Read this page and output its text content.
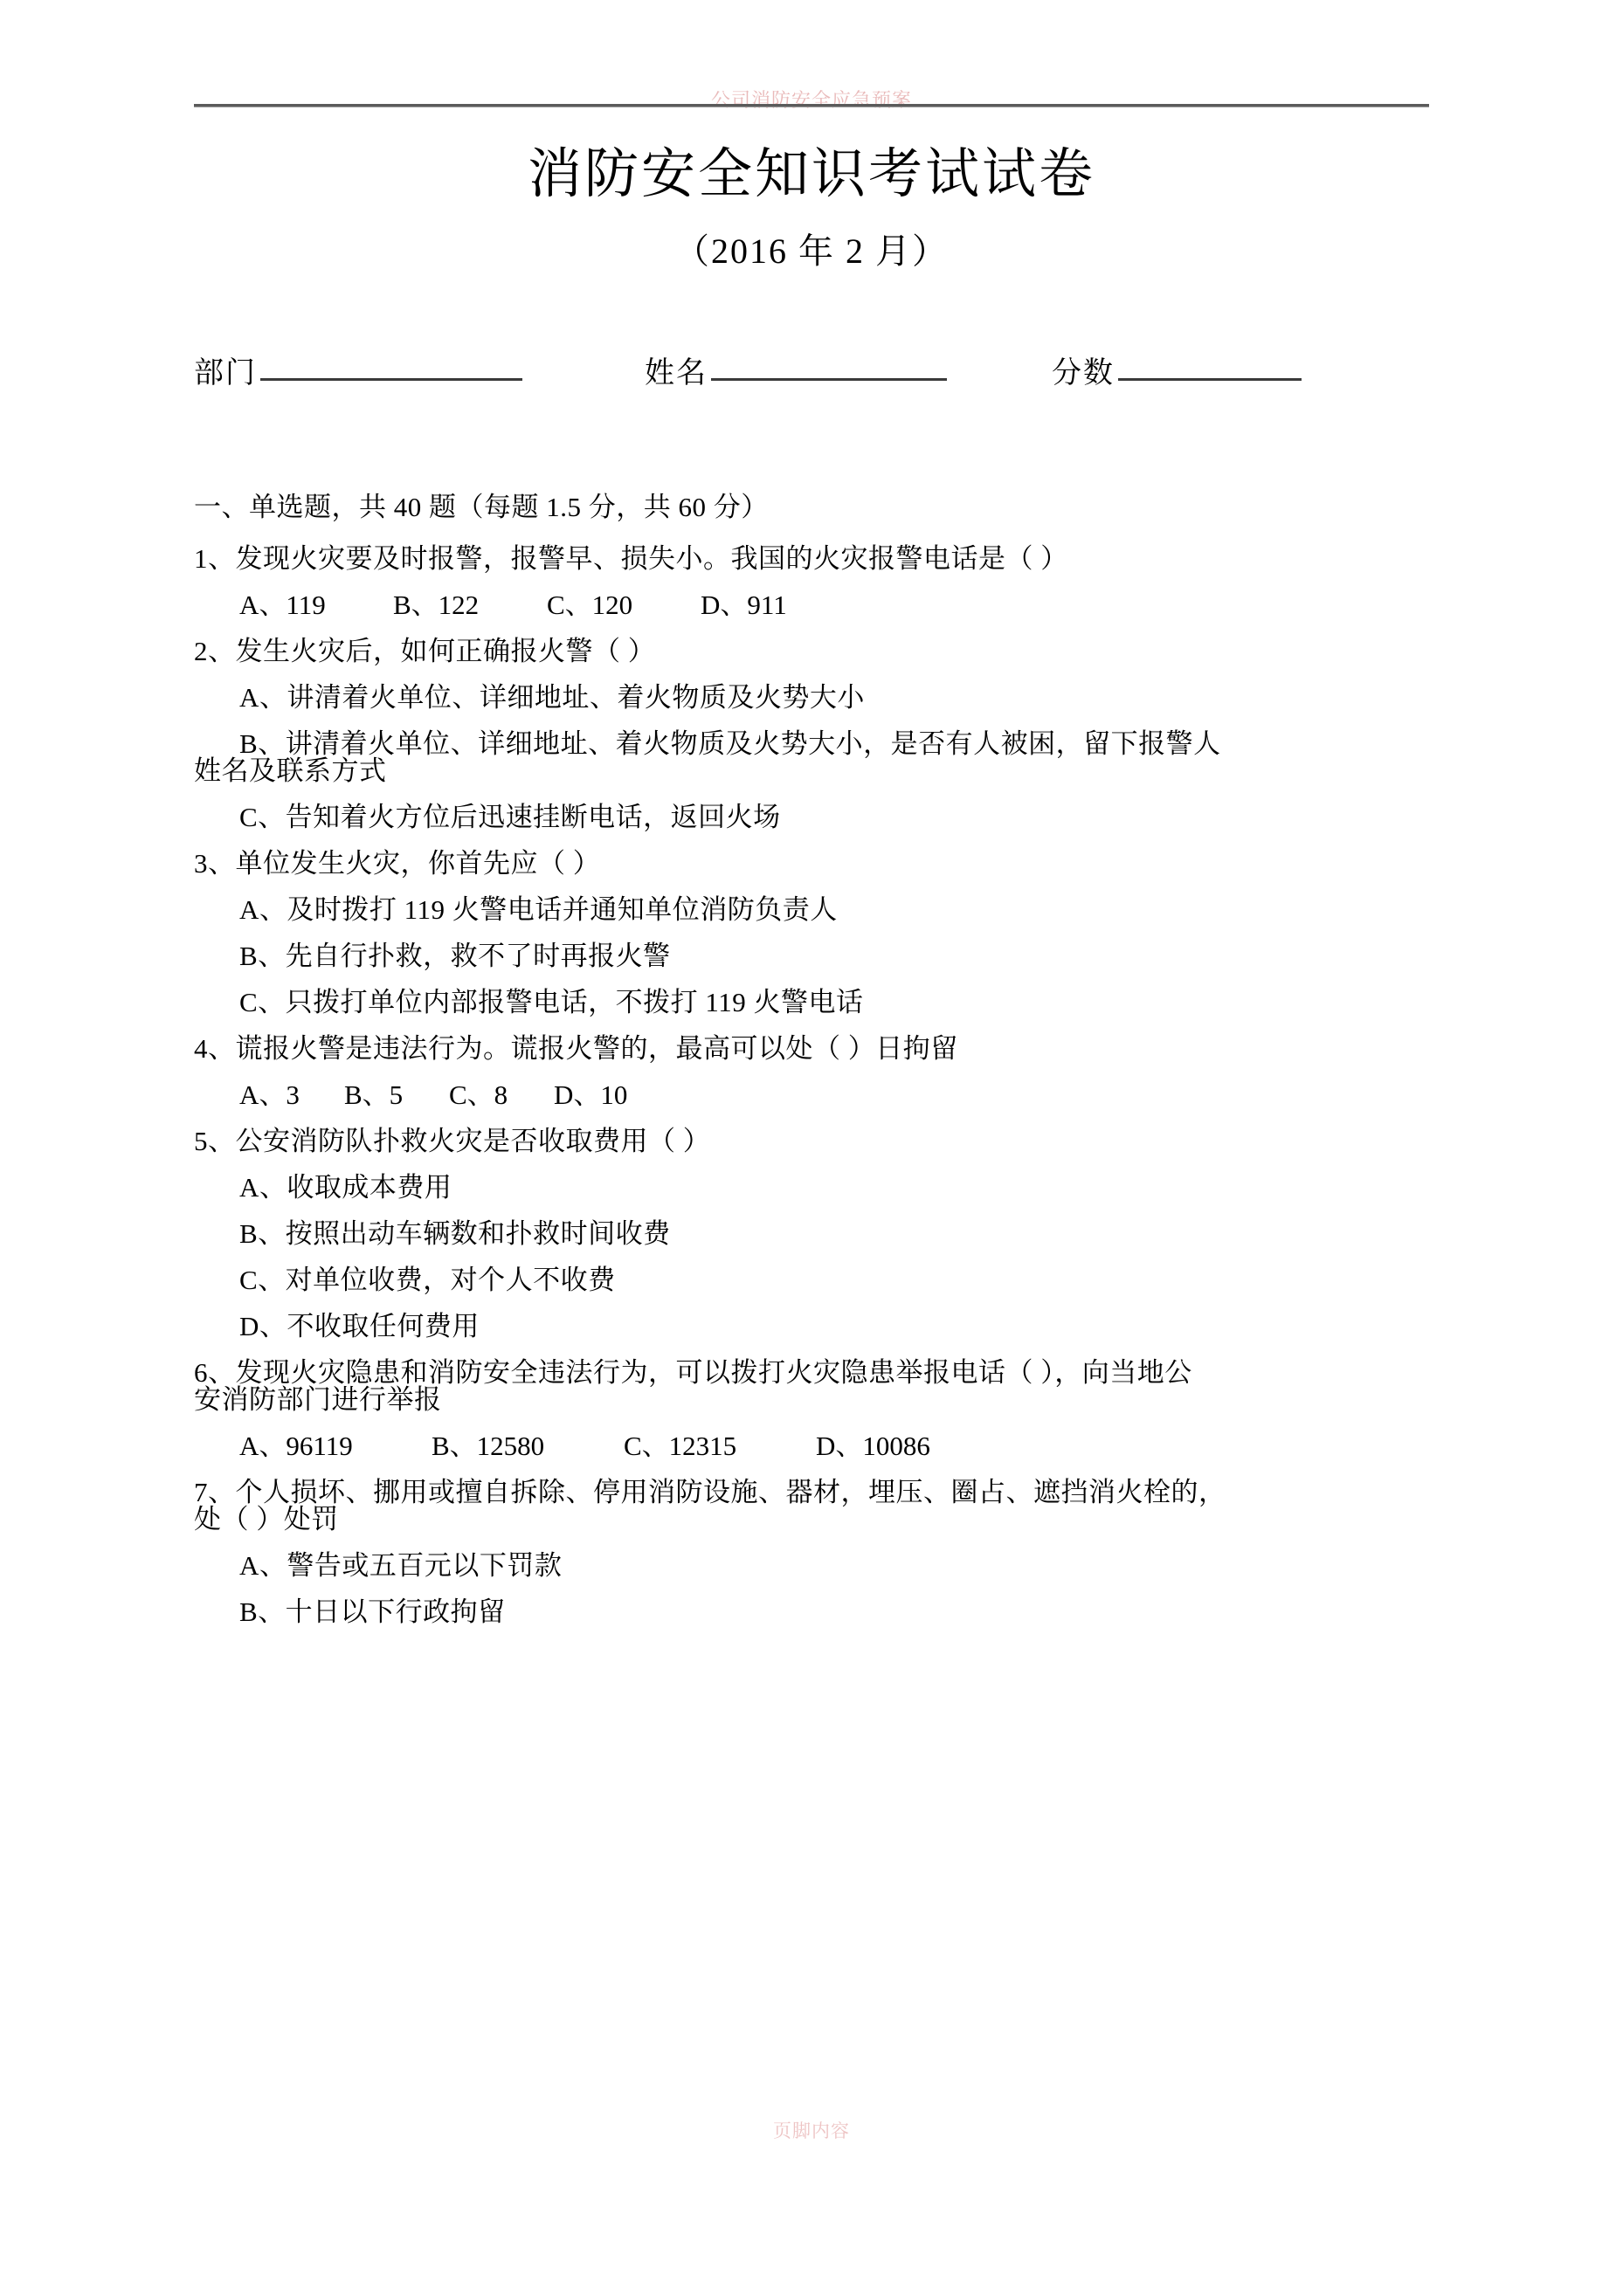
公司消防安全应急预案
消防安全知识考试试卷
（2016 年 2 月）
部门	姓名	分数
一、单选题，共 40 题（每题 1.5 分，共 60 分）
1、发现火灾要及时报警，报警早、损失小。我国的火灾报警电话是（ ）
A、119	B、122	C、120	D、911
2、发生火灾后，如何正确报火警（ ）
A、讲清着火单位、详细地址、着火物质及火势大小
B、讲清着火单位、详细地址、着火物质及火势大小，是否有人被困，留下报警人
姓名及联系方式
C、告知着火方位后迅速挂断电话，返回火场
3、单位发生火灾，你首先应（ ）
A、及时拨打 119 火警电话并通知单位消防负责人
B、先自行扑救，救不了时再报火警
C、只拨打单位内部报警电话，不拨打 119 火警电话
4、谎报火警是违法行为。谎报火警的，最高可以处（ ）日拘留
A、3	B、5	C、8	D、10
5、公安消防队扑救火灾是否收取费用（ ）
A、收取成本费用
B、按照出动车辆数和扑救时间收费
C、对单位收费，对个人不收费
D、不收取任何费用
6、发现火灾隐患和消防安全违法行为，可以拨打火灾隐患举报电话（ ），向当地公
安消防部门进行举报
A、96119	B、12580	C、12315	D、10086
7、个人损坏、挪用或擅自拆除、停用消防设施、器材，埋压、圈占、遮挡消火栓的，
处（ ）处罚
A、警告或五百元以下罚款
B、十日以下行政拘留
页脚内容
